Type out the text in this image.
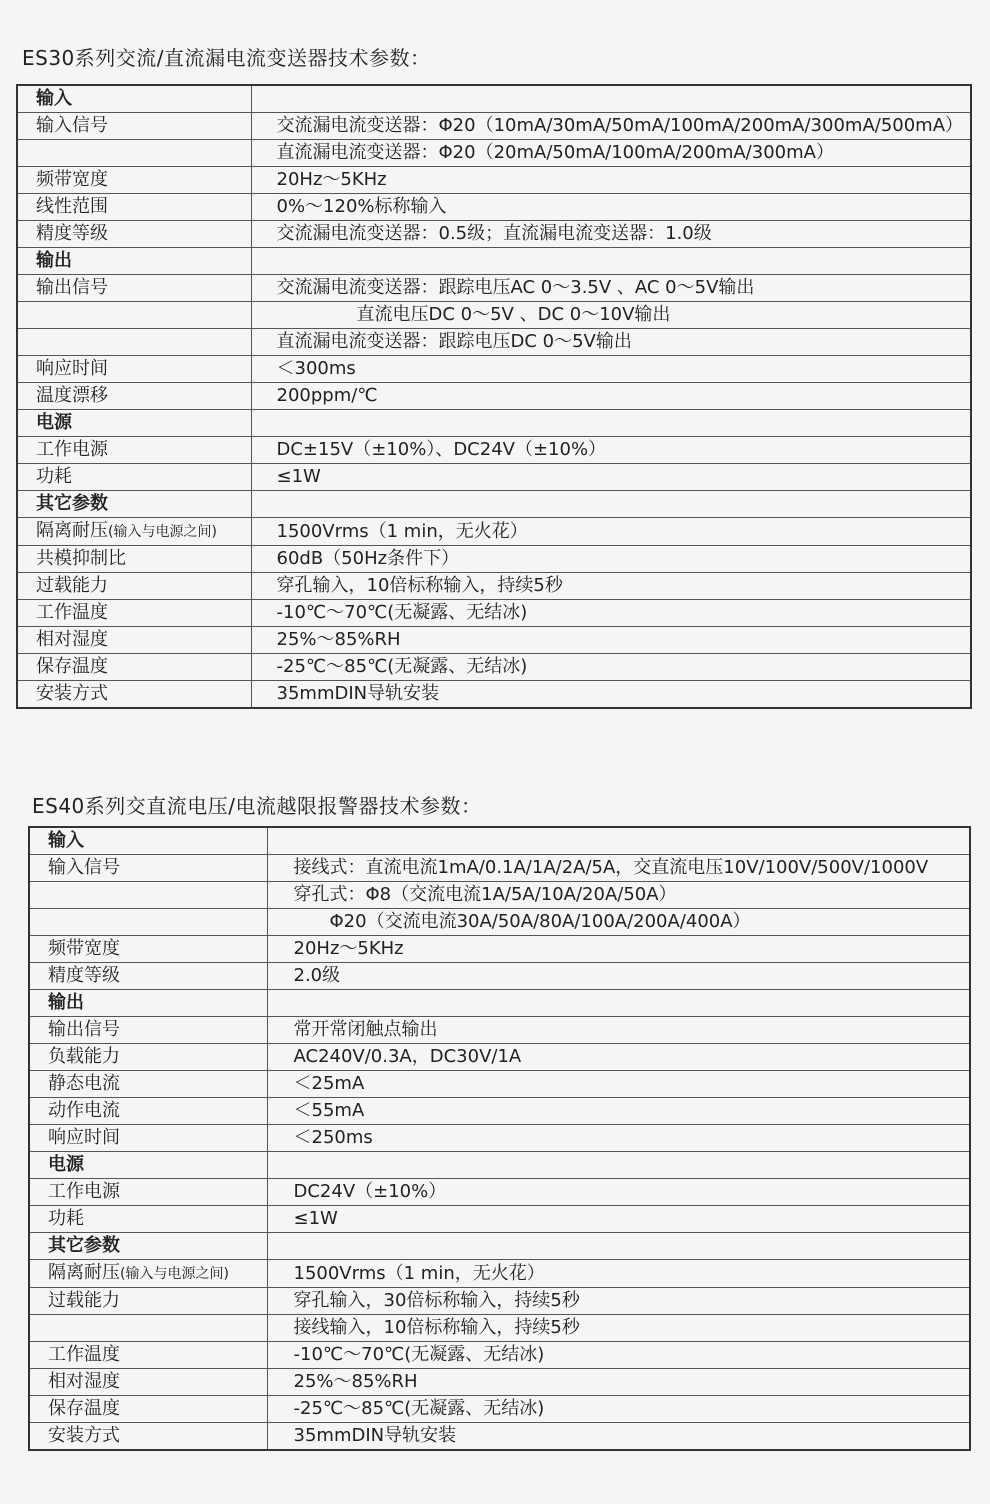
ES30系列交流/直流漏电流变送器技术参数：
输入	
输入信号	交流漏电流变送器：Φ20（10mA/30mA/50mA/100mA/200mA/300mA/500mA）
	直流漏电流变送器：Φ20（20mA/50mA/100mA/200mA/300mA）
频带宽度	20Hz～5KHz
线性范围	0%～120%标称输入
精度等级	交流漏电流变送器：0.5级；直流漏电流变送器：1.0级
输出	
输出信号	交流漏电流变送器：跟踪电压AC 0～3.5V 、AC 0～5V输出
	直流电压DC 0～5V 、DC 0～10V输出
	直流漏电流变送器：跟踪电压DC 0～5V输出
响应时间	＜300ms
温度漂移	200ppm/℃
电源	
工作电源	DC±15V（±10%）、DC24V（±10%）
功耗	≤1W
其它参数	
隔离耐压(输入与电源之间)	1500Vrms（1 min，无火花）
共模抑制比	60dB（50Hz条件下）
过载能力	穿孔输入，10倍标称输入，持续5秒
工作温度	-10℃～70℃(无凝露、无结冰)
相对湿度	25%～85%RH
保存温度	-25℃～85℃(无凝露、无结冰)
安装方式	35mmDIN导轨安装
ES40系列交直流电压/电流越限报警器技术参数：
输入	
输入信号	接线式：直流电流1mA/0.1A/1A/2A/5A，交直流电压10V/100V/500V/1000V
	穿孔式：Φ8（交流电流1A/5A/10A/20A/50A）
	Φ20（交流电流30A/50A/80A/100A/200A/400A）
频带宽度	20Hz～5KHz
精度等级	2.0级
输出	
输出信号	常开常闭触点输出
负载能力	AC240V/0.3A，DC30V/1A
静态电流	＜25mA
动作电流	＜55mA
响应时间	＜250ms
电源	
工作电源	DC24V（±10%）
功耗	≤1W
其它参数	
隔离耐压(输入与电源之间)	1500Vrms（1 min，无火花）
过载能力	穿孔输入，30倍标称输入，持续5秒
	接线输入，10倍标称输入，持续5秒
工作温度	-10℃～70℃(无凝露、无结冰)
相对湿度	25%～85%RH
保存温度	-25℃～85℃(无凝露、无结冰)
安装方式	35mmDIN导轨安装
